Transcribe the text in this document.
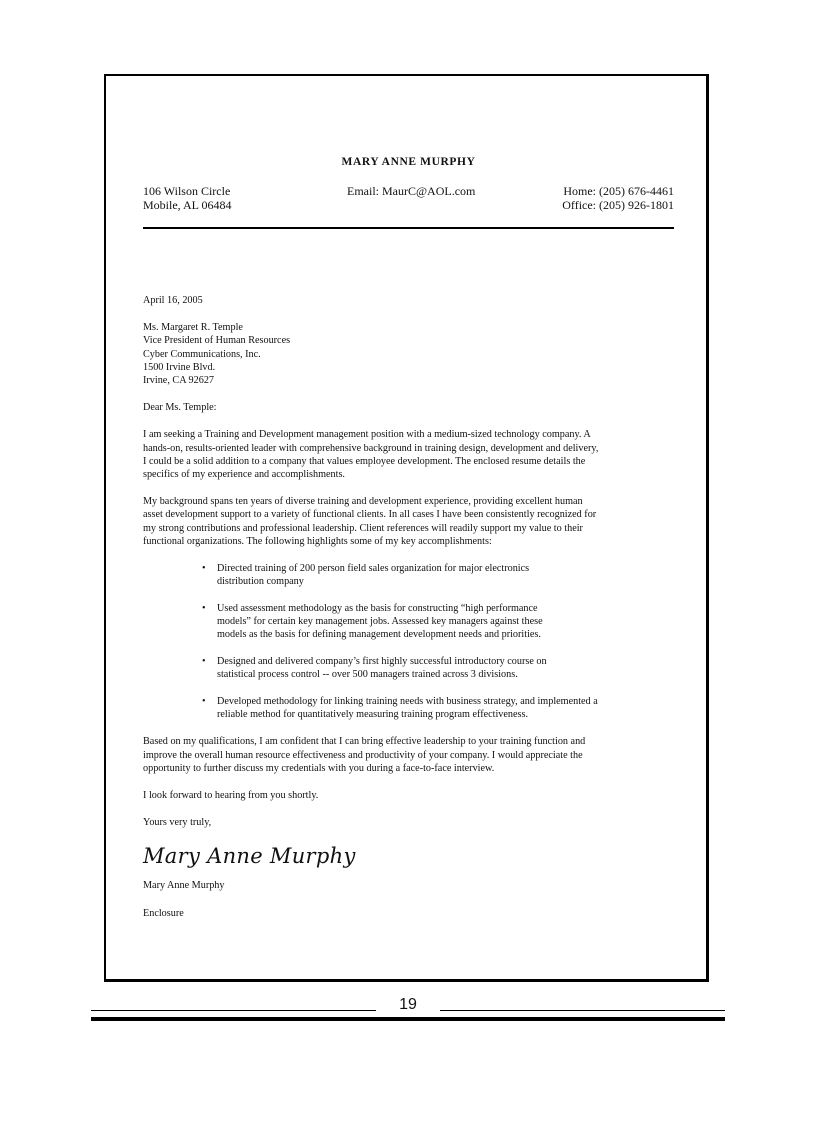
MARY ANNE MURPHY
106 Wilson Circle
Mobile, AL 06484
Email: MaurC@AOL.com	Home: (205) 676-4461
Office: (205) 926-1801

April 16, 2005

Ms. Margaret R. Temple
Vice President of Human Resources
Cyber Communications, Inc.
1500 Irvine Blvd.
Irvine, CA 92627

Dear Ms. Temple:

I am seeking a Training and Development management position with a medium-sized technology company. A
hands-on, results-oriented leader with comprehensive background in training design, development and delivery,
I could be a solid addition to a company that values employee development. The enclosed resume details the
specifics of my experience and accomplishments.

My background spans ten years of diverse training and development experience, providing excellent human
asset development support to a variety of functional clients. In all cases I have been consistently recognized for
my strong contributions and professional leadership. Client references will readily support my value to their
functional organizations. The following highlights some of my key accomplishments:

• Directed training of 200 person field sales organization for major electronics
distribution company
• Used assessment methodology as the basis for constructing “high performance
models” for certain key management jobs. Assessed key managers against these
models as the basis for defining management development needs and priorities.
• Designed and delivered company’s first highly successful introductory course on
statistical process control -- over 500 managers trained across 3 divisions.
• Developed methodology for linking training needs with business strategy, and implemented a
reliable method for quantitatively measuring training program effectiveness.

Based on my qualifications, I am confident that I can bring effective leadership to your training function and
improve the overall human resource effectiveness and productivity of your company. I would appreciate the
opportunity to further discuss my credentials with you during a face-to-face interview.

I look forward to hearing from you shortly.

Yours very truly,

Mary Anne Murphy

Mary Anne Murphy

Enclosure

19
